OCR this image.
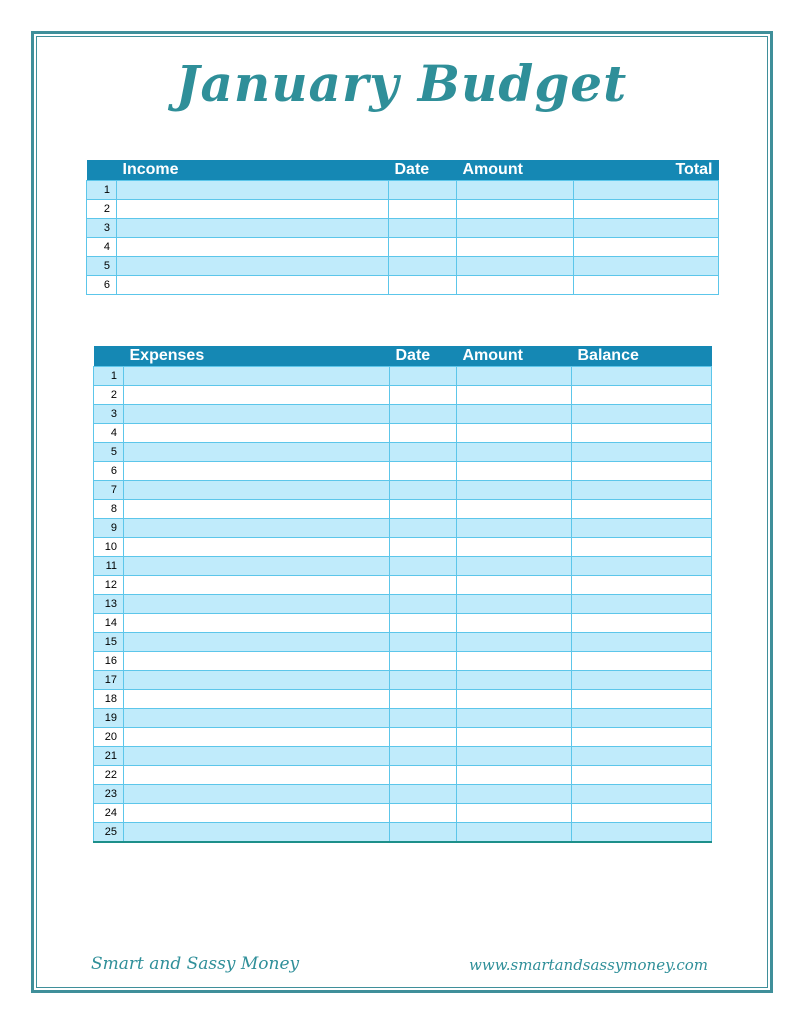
January Budget
	Income	Date	Amount	Total
1				
2				
3				
4				
5				
6				
	Expenses	Date	Amount	Balance
1				
2				
3				
4				
5				
6				
7				
8				
9				
10				
11				
12				
13				
14				
15				
16				
17				
18				
19				
20				
21				
22				
23				
24				
25				
Smart and Sassy Money	www.smartandsassymoney.com
